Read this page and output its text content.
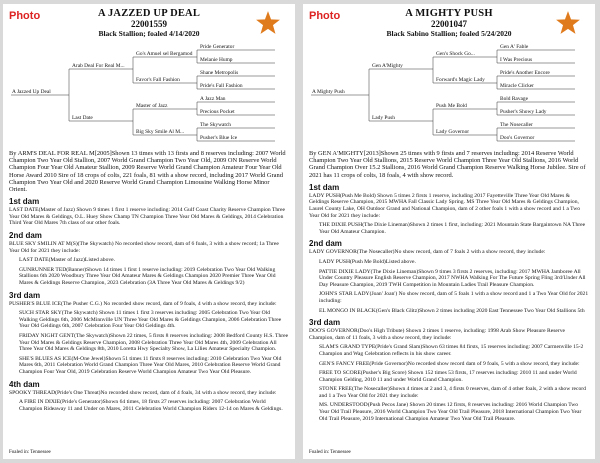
Photo	A JAZZED UP DEAL
22001559
Black Stallion; foaled 4/14/2020
A Jazzed Up Deal
Arab Deal For Real M...
Last Date
Go's Amuel sel Bergamod
Favor's Fall Fashion
Master of Jazz
Big Sky Smile Al M...
Pride Generator
Melanie Hump
Shane Metropolis
Pride's Fall Fashion
A Jazz Man
Precious Pocket
The Skywatch
Pusher's Blue Ice
By ARM'S DEAL FOR REAL M[2005]Shown 13 times with 13 firsts and 8 reserves including: 2007 World Champion Two Year Old Stallion, 2007 World Grand Champion Two Year Old, 2009 ON Reserve World Champion Four Year Old Amateur Stallion, 2009 Reserve World Grand Champion Amateur Four Year Old Horse Award 2010 Sire of 18 crops of colts, 221 foals, 81 with a show record, including 2017 World Grand Champion Two Year Old and 2020 Reserve World Grand Champion Limousine Walking Horse Minor Orient.
1st dam
LAST DATE(Master of Jazz) Shown 9 times 1 first 1 reserve including: 2014 Gulf Coast Charity Reserve Champion Three Year Old Mares & Geldings, O.L. Huey Show Champ TN Champion Three Year Old Mares & Geldings, 2014 Celebration Third Year Old Mares 7th class of our other foals.
2nd dam
BLUE SKY SMILIN AT M(S)(The Skywatch) No recorded show record, dam of 6 foals, 3 with a show record; 1a Three Year Old for 2021 they include:
LAST DATE(Master of Jazz)Listed above.
GUNRUNNER TED(Banner)Shown 14 times 1 first 1 reserve including: 2019 Celebration Two Year Old Walking Stallions 6th 2020 Woodbury Three Year Old Amateur Mares & Geldings Champion 2020 Premier Three Year Old Mares & Geldings Reserve Champion, 2023 Celebration (3A Three Year Old Mares & Geldings 9/2)
3rd dam
PUSHER'S BLUE ICE(The Pusher C.G.) No recorded show record, dam of 9 foals, 4 with a show record, they include:
SUCH STAR SKY(The Skywatch) Shown 11 times 1 first 3 reserves including: 2005 Celebration Two Year Old Walking Geldings 6th, 2006 McMinnville UN Three Year Old Mares & Geldings Champion, 2006 Celebration Three Year Old Geldings 6th, 2007 Celebration Four Year Old Geldings 4th.
FRIDAY NIGHT GENT(The Skywatch)Shown 22 times, 5 firsts 8 reserves including: 2008 Bedford County H.S. Three Year Old Mares & Geldings Reserve Champion, 2008 Celebration Three Year Old Mares 4th, 2009 Celebration All Three Year Old Mares & Geldings 8th, 2010 Loretta Hwy Specialty Show, La Lilies Amateur Specialty Champion.
SHE'S BLUES AS ICE(M-One Jewel)Shown 51 times 11 firsts 8 reserves including: 2010 Celebration Two Year Old Mares 6th, 2011 Celebration World Grand Champion Three Year Old Mares, 2010 Celebration Reserve World Grand Champion Four Year Old, 2019 Celebration Reserve World Champion Amateur Two Year Old Pleasure.
4th dam
SPOOKY THREAD(Pride's One Threat)No recorded show record, dam of 4 foals, 34 with a show record, they include:
A FIRE IN DIXIE(Pride's Generator)Shown 64 times, 18 firsts 27 reserves including: 2007 Celebration World Champion Rideaway 11 and Under on Mares, 2011 Celebration World Champion Riders 12-14 on Mares & Geldings.
Foaled in: Tennessee
Photo	A MIGHTY PUSH
22001047
Black Sabino Stallion; foaled 5/24/2020
A Mighty Push
Gen A'Mighty
Lady Push
Gen's Shock Go...
Forward's Magic Lady
Push Me Bold
Lady Governor
Gen A' Fable
I Was Precious
Pride's Another Encore
Miracle Clicker
Bold Ravage
Pusher's Showy Lady
The Nosecaller
Doo's Governor
By GEN A'MIGHTY[2013]Shown 25 times with 9 firsts and 7 reserves including: 2014 Reserve World Champion Two Year Old Stallions, 2015 Reserve World Champion Three Year Old Stallions, 2016 World Grand Champion Over 15.2 Stallions, 2016 World Grand Champion Reserve Walking Horse Jubilee. Sire of 2021 has 11 crops of colts, 18 foals, 4 with show record.
1st dam
LADY PUSH(Push Me Bold) Shown 5 times 2 firsts 1 reserve, including 2017 Fayetteville Three Year Old Mares & Geldings Reserve Champion, 2015 MWHA Fall Classic Lady Spring. MS Three Year Old Mares & Geldings Champion, Laurel County Lake, OH Outdoor Grand and National Champion, dam of 2 other foals 1 with a show record and 1 a Two Year Old for 2021 they include:
THE DIXIE PUSH(The Dixie Lineman)Shown 2 times 1 first, including: 2021 Mountain State Bargaintown NA Three Year Old Amateur Champion.
2nd dam
LADY GOVERNOR(The Nosecaller)No show record, dam of 7 foals 2 with a show record, they include:
LADY PUSH(Push Me Bold)Listed above.
PATTIE DIXIE LADY(The Dixie Lineman)Shown 9 times 3 firsts 2 reserves, including: 2017 MWHA Jamboree All Under Country Pleasure English Reserve Champion, 2017 NWHA Walking For The Future Spring Fling 3rd/Under All Day Pleasure Champion, 2019 TWH Competition in Mountain Ladies Trail Pleasure Champion.
JOHN'S STAR LADY(Joan' Joan') No show record, dam of 5 foals 1 with a show record and 1 a Two Year Old for 2021 including:
EL MONGO IN BLACK(Gen's Black Glitz)Shown 2 times including 2020 East Tennessee Two Year Old Stallions 5th
3rd dam
DOO'S GOVERNOR(Doo's High Tribute) Shown 2 times 1 reserve, including: 1998 Arab Show Pleasure Reserve Champion, dam of 11 foals, 3 with a show record, they include:
SLAM'S GRAND TYPE(Pride's Grand Slam)Shown 63 times 84 firsts, 15 reserves including: 2007 Carmenville 15-2 Champion and Wag Celebration reflects in his show career.
GEN'S FANCY FREE(Pride Governor)No recorded show record dam of 9 foals, 5 with a show record, they include:
FREE TO SCORE(Pusher's Big Score) Shown 152 times 53 firsts, 17 reserves including: 2010 11 and under World Champion Gelding, 2010 11 and under World Grand Champion.
STONE FREE(The Nosecaller)Shown 4 times at 2 and 3, 4 firsts 0 reserves, dam of 4 other foals, 2 with a show record and 1 a Two Year Old for 2021 they include:
MS. UNDERSTOOD(Push Pecos Jane) Shown 20 times 12 firsts, 8 reserves including: 2016 World Champion Two Year Old Trail Pleasure, 2016 World Champion Two Year Old Trail Pleasure, 2018 International Champion Two Year Old Trail Pleasure, 2019 International Champion Amateur Two Year Old Trail Pleasure.
Foaled in: Tennessee
